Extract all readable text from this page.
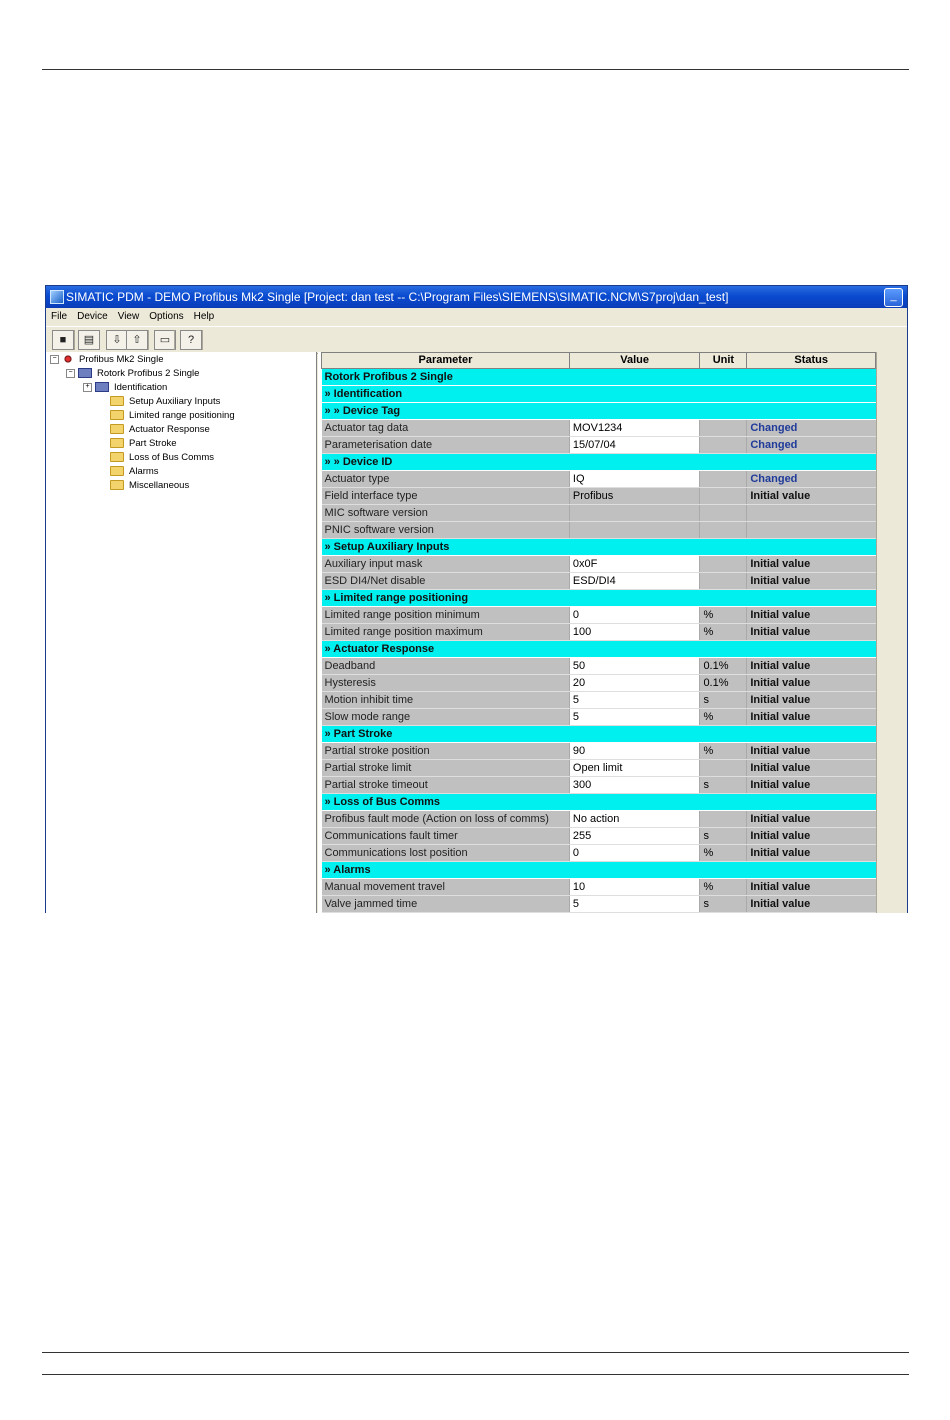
SIMATIC PDM - DEMO Profibus Mk2 Single [Project: dan test -- C:\Program Files\SIEMENS\SIMATIC.NCM\S7proj\dan_test]	_
File Device View Options Help
■	▤	⇩ ⇧	▭	?
− Profibus Mk2 Single
−	Rotork Profibus 2 Single
+	Identification
Setup Auxiliary Inputs
Limited range positioning
Actuator Response
Part Stroke
Loss of Bus Comms
Alarms
Miscellaneous
Parameter	Value	Unit	Status
Rotork Profibus 2 Single			
» Identification			
» » Device Tag			
Actuator tag data	MOV1234		Changed
Parameterisation date	15/07/04		Changed
» » Device ID			
Actuator type	IQ		Changed
Field interface type	Profibus		Initial value
MIC software version			
PNIC software version			
» Setup Auxiliary Inputs			
Auxiliary input mask	0x0F		Initial value
ESD DI4/Net disable	ESD/DI4		Initial value
» Limited range positioning			
Limited range position minimum	0	%	Initial value
Limited range position maximum	100	%	Initial value
» Actuator Response			
Deadband	50	0.1%	Initial value
Hysteresis	20	0.1%	Initial value
Motion inhibit time	5	s	Initial value
Slow mode range	5	%	Initial value
» Part Stroke			
Partial stroke position	90	%	Initial value
Partial stroke limit	Open limit		Initial value
Partial stroke timeout	300	s	Initial value
» Loss of Bus Comms			
Profibus fault mode (Action on loss of comms)	No action		Initial value
Communications fault timer	255	s	Initial value
Communications lost position	0	%	Initial value
» Alarms			
Manual movement travel	10	%	Initial value
Valve jammed time	5	s	Initial value
